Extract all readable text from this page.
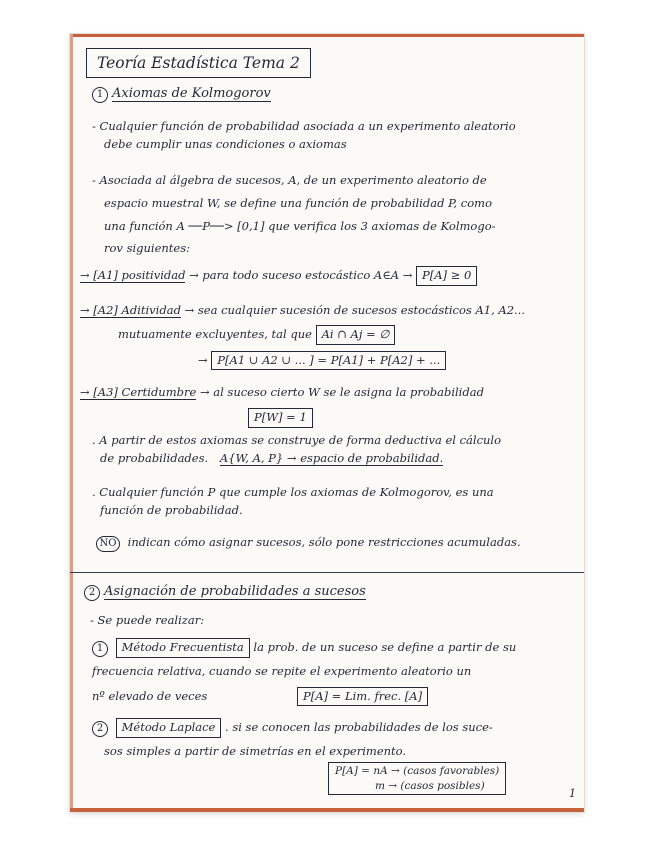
Teoría Estadística Tema 2
1 Axiomas de Kolmogorov
- Cualquier función de probabilidad asociada a un experimento aleatorio
debe cumplir unas condiciones o axiomas
- Asociada al álgebra de sucesos, A, de un experimento aleatorio de
espacio muestral W, se define una función de probabilidad P, como
una función A ──P──> [0,1] que verifica los 3 axiomas de Kolmogo-
rov siguientes:
→ [A1] positividad → para todo suceso estocástico A∈A → P[A] ≥ 0
→ [A2] Aditividad → sea cualquier sucesión de sucesos estocásticos A1, A2...
mutuamente excluyentes, tal que Ai ∩ Aj = ∅
→ P[A1 ∪ A2 ∪ ... ] = P[A1] + P[A2] + ...
→ [A3] Certidumbre → al suceso cierto W se le asigna la probabilidad
P[W] = 1
. A partir de estos axiomas se construye de forma deductiva el cálculo
de probabilidades. A{W, A, P} → espacio de probabilidad.
. Cualquier función P que cumple los axiomas de Kolmogorov, es una
función de probabilidad.
NO indican cómo asignar sucesos, sólo pone restricciones acumuladas.
2 Asignación de probabilidades a sucesos
- Se puede realizar:
1 Método Frecuentista la prob. de un suceso se define a partir de su
frecuencia relativa, cuando se repite el experimento aleatorio un
nº elevado de veces	P[A] = Lim. frec. [A]
2 Método Laplace . si se conocen las probabilidades de los suce-
sos simples a partir de simetrías en el experimento.
P[A] = nA → (casos favorables)
m → (casos posibles)
1
